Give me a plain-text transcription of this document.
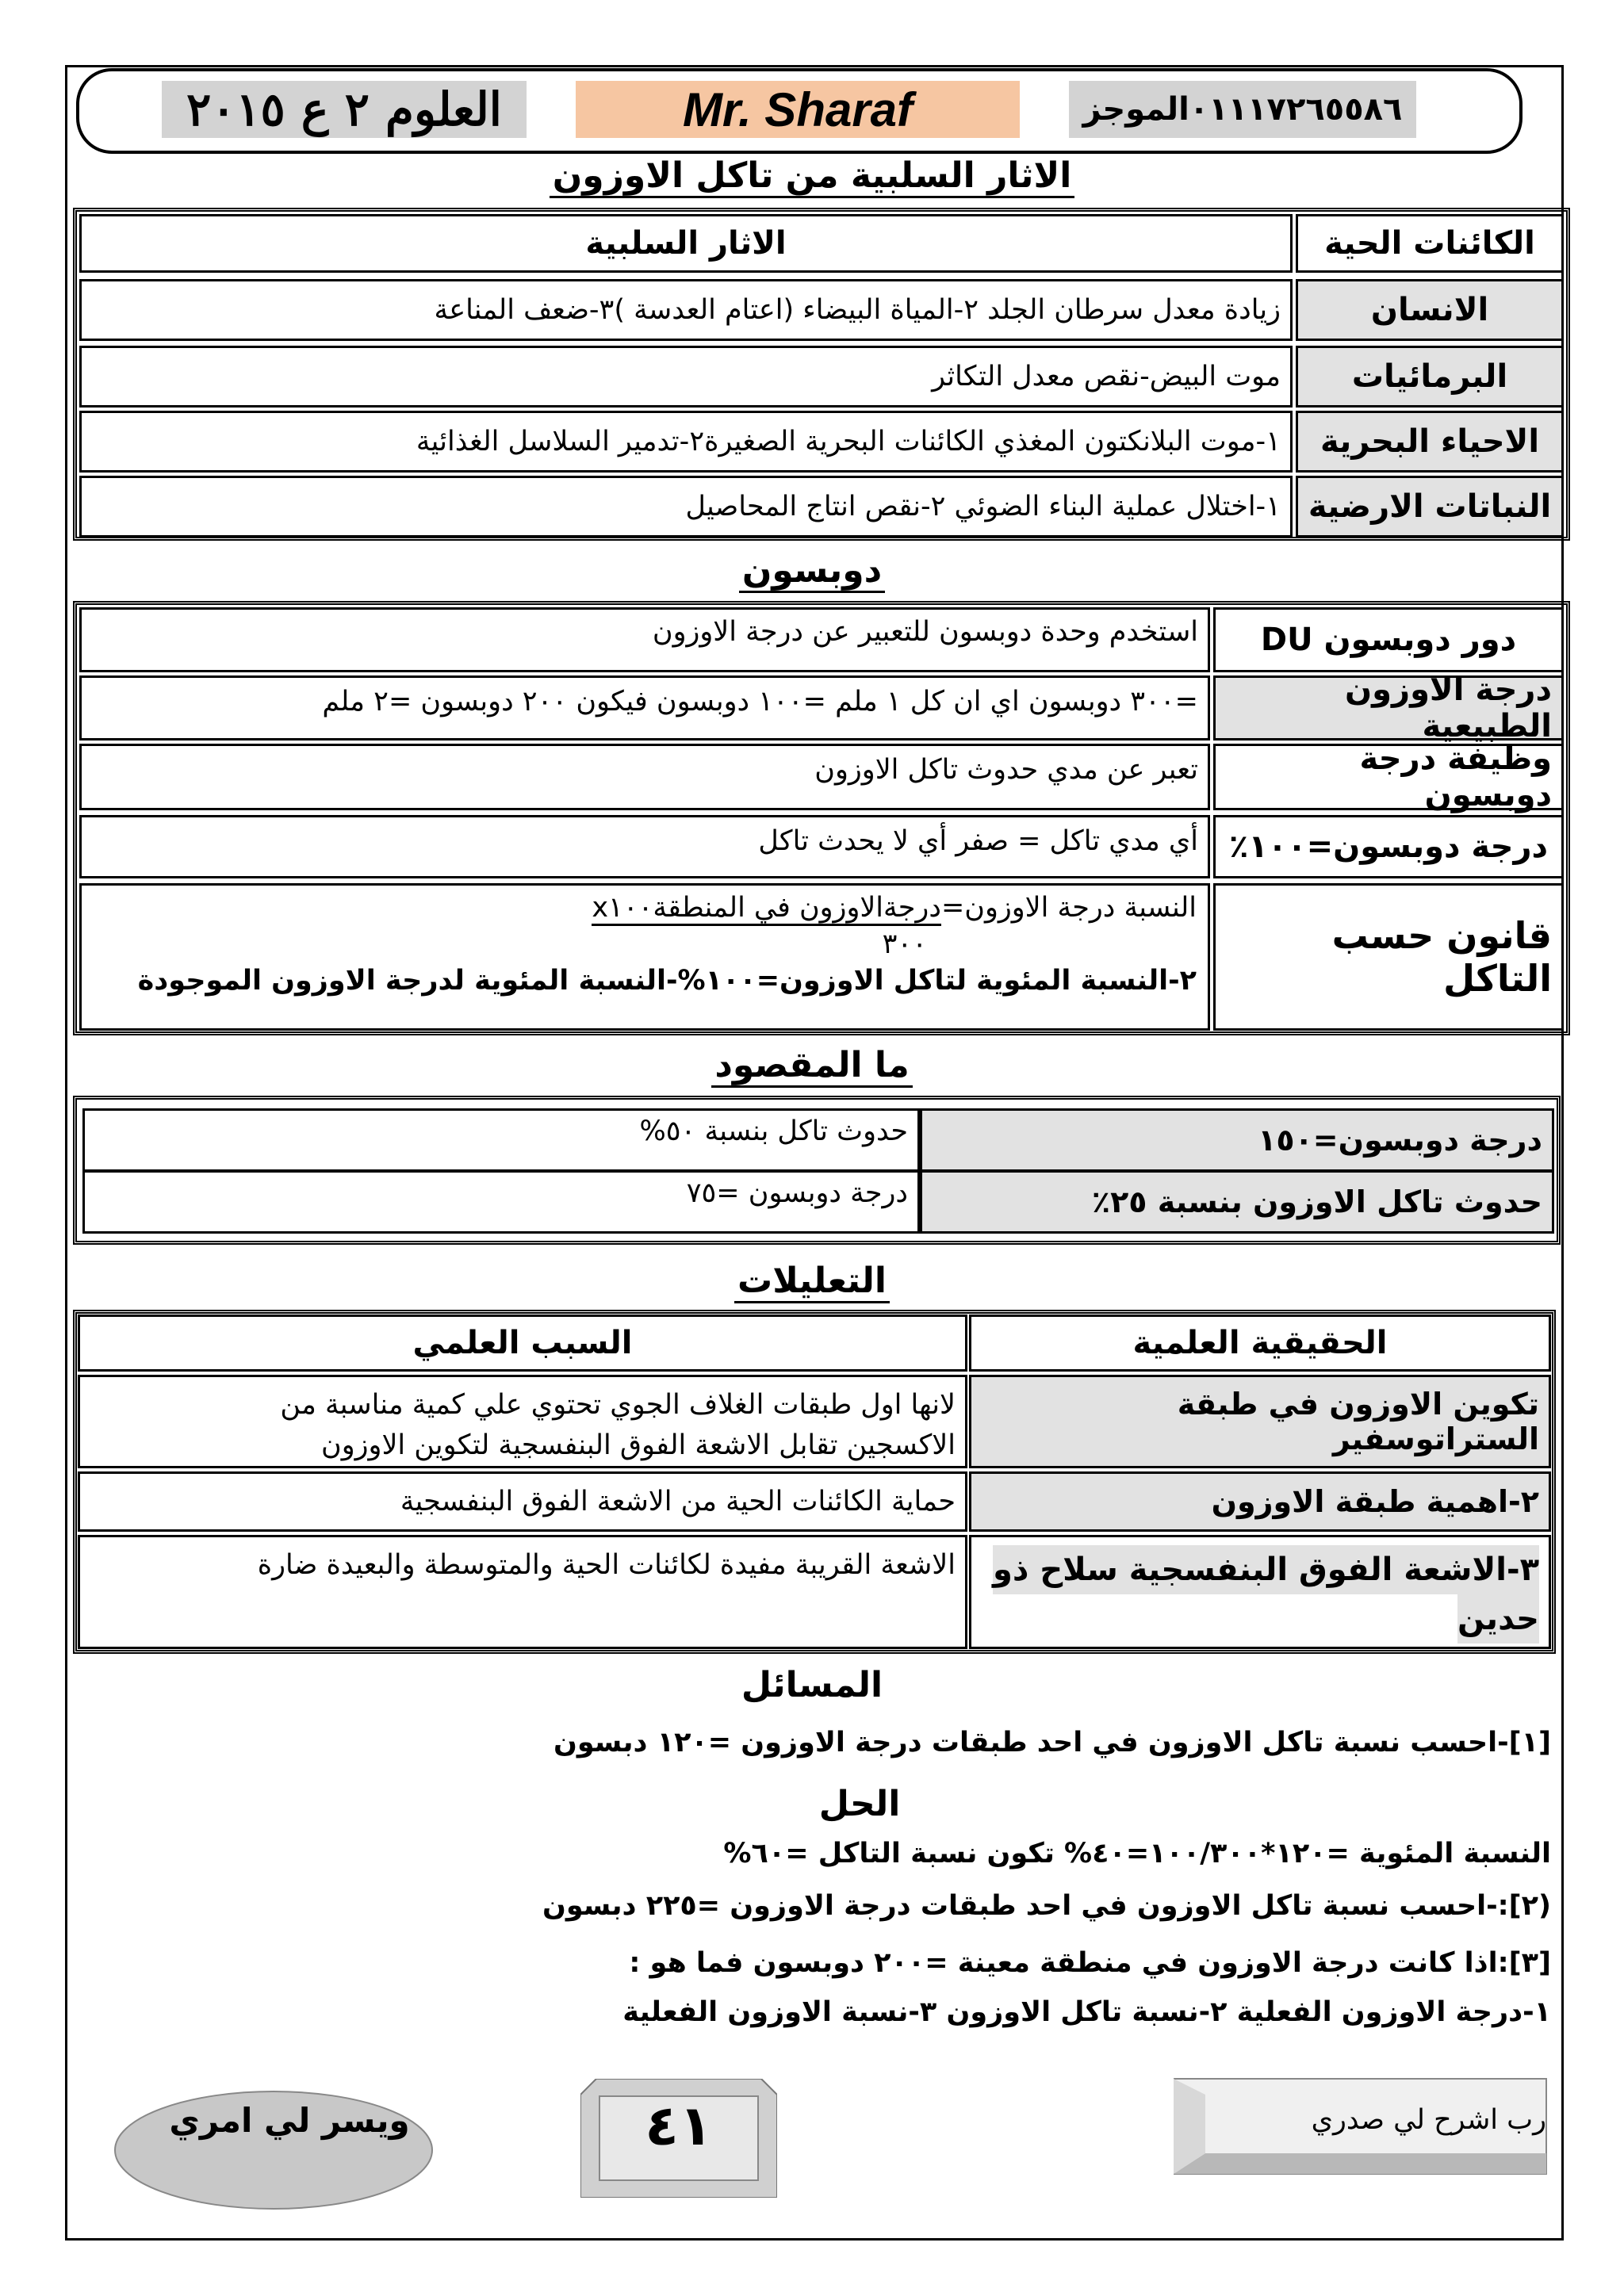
العلوم ٢ ع ٢٠١٥	Mr. Sharaf	٠١١١٧٢٦٥٥٨٦الموجز
الاثار السلبية من تاكل الاوزون
الكائنات الحية
الاثار السلبية
الانسان
زيادة معدل سرطان الجلد ٢-المياة البيضاء (اعتام العدسة )٣-ضعف المناعة
البرمائيات
موت البيض-نقص معدل التكاثر
الاحياء البحرية
١-موت البلانكتون المغذي الكائنات البحرية الصغيرة٢-تدمير السلاسل الغذائية
النباتات الارضية
١-اختلال عملية البناء الضوئي ٢-نقص انتاج المحاصيل
دوبسون
دور دوبسون DU
استخدم وحدة دوبسون للتعبير عن درجة الاوزون
درجة الاوزون الطبيعية
=٣٠٠ دوبسون اي ان كل ١ ملم =١٠٠ دوبسون فيكون ٢٠٠ دوبسون =٢ ملم
وظيفة درجة دوبسون
تعبر عن مدي حدوث تاكل الاوزون
درجة دوبسون=١٠٠٪
أي مدي تاكل = صفر أي لا يحدث تاكل
قانون حسب التاكل
النسبة درجة الاوزون=درجةالاوزون في المنطقةx١٠٠
٣٠٠
٢-النسبة المئوية لتاكل الاوزون=١٠٠%-النسبة المئوية لدرجة الاوزون الموجودة
ما المقصود
درجة دوبسون=١٥٠
حدوث تاكل بنسبة ٥٠%
حدوث تاكل الاوزون بنسبة ٢٥٪
درجة دوبسون =٧٥
التعليلات
الحقيقية العلمية
السبب العلمي
تكوين الاوزون في طبقة الستراتوسفير
لانها اول طبقات الغلاف الجوي تحتوي علي كمية مناسبة من
الاكسجين تقابل الاشعة الفوق البنفسجية لتكوين الاوزون
٢-اهمية طبقة الاوزون
حماية الكائنات الحية من الاشعة الفوق البنفسجية
٣-الاشعة الفوق البنفسجية سلاح ذو حدين
الاشعة القريبة مفيدة لكائنات الحية والمتوسطة والبعيدة ضارة
المسائل
[١]-احسب نسبة تاكل الاوزون في احد طبقات درجة الاوزون =١٢٠ دبسون
الحل
النسبة المئوية =١٢٠*١٠٠/٣٠٠=٤٠% تكون نسبة التاكل =٦٠%
(٢]:-احسب نسبة تاكل الاوزون في احد طبقات درجة الاوزون =٢٢٥ دبسون
[٣]:اذا كانت درجة الاوزون في منطقة معينة =٢٠٠ دوبسون فما هو :
١-درجة الاوزون الفعلية ٢-نسبة تاكل الاوزون ٣-نسبة الاوزون الفعلية
رب اشرح لي صدري
٤١
ويسر لي امري
